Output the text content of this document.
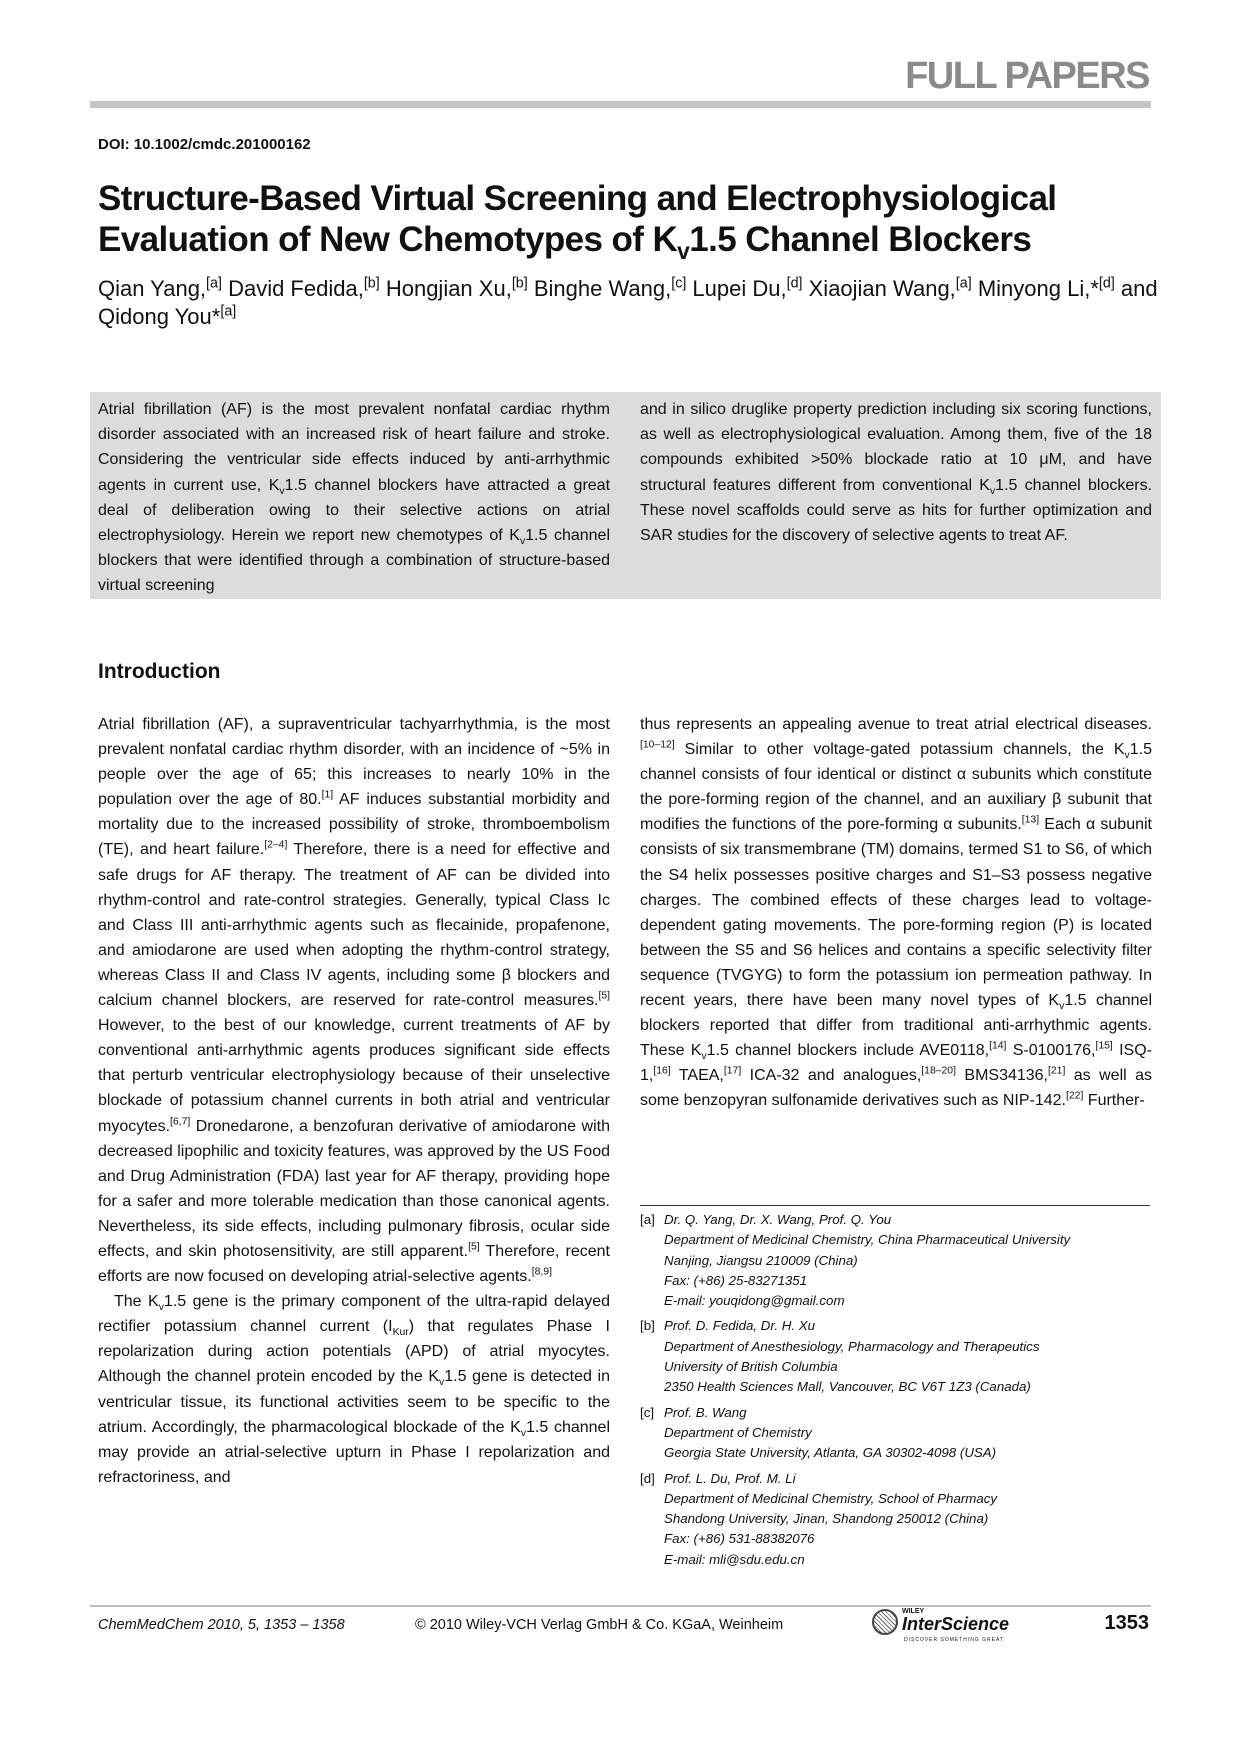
FULL PAPERS
DOI: 10.1002/cmdc.201000162
Structure-Based Virtual Screening and Electrophysiological Evaluation of New Chemotypes of $K_v1.5$ Channel Blockers
Qian Yang,[a] David Fedida,[b] Hongjian Xu,[b] Binghe Wang,[c] Lupei Du,[d] Xiaojian Wang,[a] Minyong Li,*[d] and Qidong You*[a]
Atrial fibrillation (AF) is the most prevalent nonfatal cardiac rhythm disorder associated with an increased risk of heart failure and stroke. Considering the ventricular side effects induced by anti-arrhythmic agents in current use, $K_v1.5$ channel blockers have attracted a great deal of deliberation owing to their selective actions on atrial electrophysiology. Herein we report new chemotypes of $K_v1.5$ channel blockers that were identified through a combination of structure-based virtual screening
and in silico druglike property prediction including six scoring functions, as well as electrophysiological evaluation. Among them, five of the 18 compounds exhibited >50% blockade ratio at 10 μM, and have structural features different from conventional $K_v1.5$ channel blockers. These novel scaffolds could serve as hits for further optimization and SAR studies for the discovery of selective agents to treat AF.
Introduction

Atrial fibrillation (AF), a supraventricular tachyarrhythmia, is the most prevalent nonfatal cardiac rhythm disorder, with an incidence of ~5% in people over the age of 65; this increases to nearly 10% in the population over the age of 80.[1] AF induces substantial morbidity and mortality due to the increased possibility of stroke, thromboembolism (TE), and heart failure.[2–4] Therefore, there is a need for effective and safe drugs for AF therapy. The treatment of AF can be divided into rhythm-control and rate-control strategies. Generally, typical Class Ic and Class III anti-arrhythmic agents such as flecainide, propafenone, and amiodarone are used when adopting the rhythm-control strategy, whereas Class II and Class IV agents, including some β blockers and calcium channel blockers, are reserved for rate-control measures.[5] However, to the best of our knowledge, current treatments of AF by conventional anti-arrhythmic agents produces significant side effects that perturb ventricular electrophysiology because of their unselective blockade of potassium channel currents in both atrial and ventricular myocytes.[6,7] Dronedarone, a benzofuran derivative of amiodarone with decreased lipophilic and toxicity features, was approved by the US Food and Drug Administration (FDA) last year for AF therapy, providing hope for a safer and more tolerable medication than those canonical agents. Nevertheless, its side effects, including pulmonary fibrosis, ocular side effects, and skin photosensitivity, are still apparent.[5] Therefore, recent efforts are now focused on developing atrial-selective agents.[8,9]

The $K_v1.5$ gene is the primary component of the ultra-rapid delayed rectifier potassium channel current $(I_{Kur})$ that regulates Phase I repolarization during action potentials (APD) of atrial myocytes. Although the channel protein encoded by the $K_v1.5$ gene is detected in ventricular tissue, its functional activities seem to be specific to the atrium. Accordingly, the pharmacological blockade of the $K_v1.5$ channel may provide an atrial-selective upturn in Phase I repolarization and refractoriness, and

thus represents an appealing avenue to treat atrial electrical diseases.[10–12] Similar to other voltage-gated potassium channels, the $K_v1.5$ channel consists of four identical or distinct α subunits which constitute the pore-forming region of the channel, and an auxiliary β subunit that modifies the functions of the pore-forming α subunits.[13] Each α subunit consists of six transmembrane (TM) domains, termed S1 to S6, of which the S4 helix possesses positive charges and S1–S3 possess negative charges. The combined effects of these charges lead to voltage-dependent gating movements. The pore-forming region (P) is located between the S5 and S6 helices and contains a specific selectivity filter sequence (TVGYG) to form the potassium ion permeation pathway. In recent years, there have been many novel types of $K_v1.5$ channel blockers reported that differ from traditional anti-arrhythmic agents. These $K_v1.5$ channel blockers include AVE0118,[14] S-0100176,[15] ISQ-1,[16] TAEA,[17] ICA-32 and analogues,[18–20] BMS34136,[21] as well as some benzopyran sulfonamide derivatives such as NIP-142.[22] Further-

[a] Dr. Q. Yang, Dr. X. Wang, Prof. Q. You
Department of Medicinal Chemistry, China Pharmaceutical University
Nanjing, Jiangsu 210009 (China)
Fax: (+86) 25-83271351
E-mail: youqidong@gmail.com
[b] Prof. D. Fedida, Dr. H. Xu
Department of Anesthesiology, Pharmacology and Therapeutics
University of British Columbia
2350 Health Sciences Mall, Vancouver, BC V6T 1Z3 (Canada)
[c] Prof. B. Wang
Department of Chemistry
Georgia State University, Atlanta, GA 30302-4098 (USA)
[d] Prof. L. Du, Prof. M. Li
Department of Medicinal Chemistry, School of Pharmacy
Shandong University, Jinan, Shandong 250012 (China)
Fax: (+86) 531-88382076
E-mail: mli@sdu.edu.cn
ChemMedChem 2010, 5, 1353 – 1358	© 2010 Wiley-VCH Verlag GmbH & Co. KGaA, Weinheim
WILEY
InterScience
DISCOVER SOMETHING GREAT
1353
